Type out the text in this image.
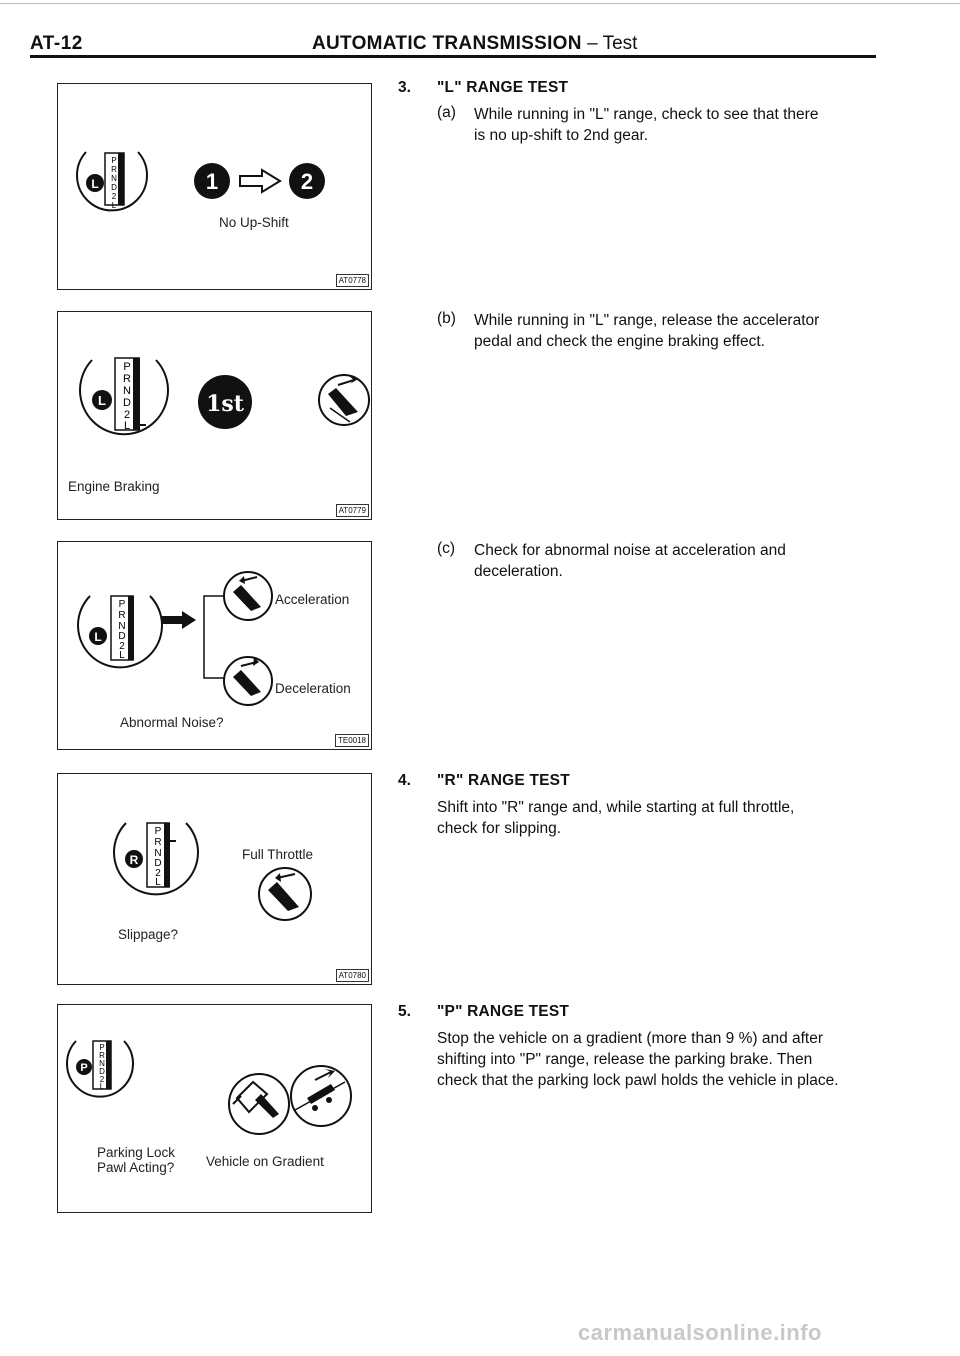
AT-12	AUTOMATIC TRANSMISSION – Test
P
R
N
D
2
L
L	1	2
No Up-Shift
AT0778
P
R
N
D
2
L
L	1st
Engine Braking
AT0779
P
R
N
D
2
L
L
Acceleration
Deceleration
Abnormal Noise?
TE0018
P
R
N
D
2
L
R	Full Throttle
Slippage?
AT0780
P
R
N
D
2
L
P
Parking Lock
Pawl Acting? Vehicle on Gradient
3. "L" RANGE TEST
(a) While running in "L" range, check to see that there
is no up-shift to 2nd gear.
(b) While running in "L" range, release the accelerator
pedal and check the engine braking effect.
(c) Check for abnormal noise at acceleration and
deceleration.
4. "R" RANGE TEST
Shift into "R" range and, while starting at full throttle,
check for slipping.
5. "P" RANGE TEST
Stop the vehicle on a gradient (more than 9 %) and after
shifting into "P" range, release the parking brake. Then
check that the parking lock pawl holds the vehicle in place.
carmanualsonline.info
